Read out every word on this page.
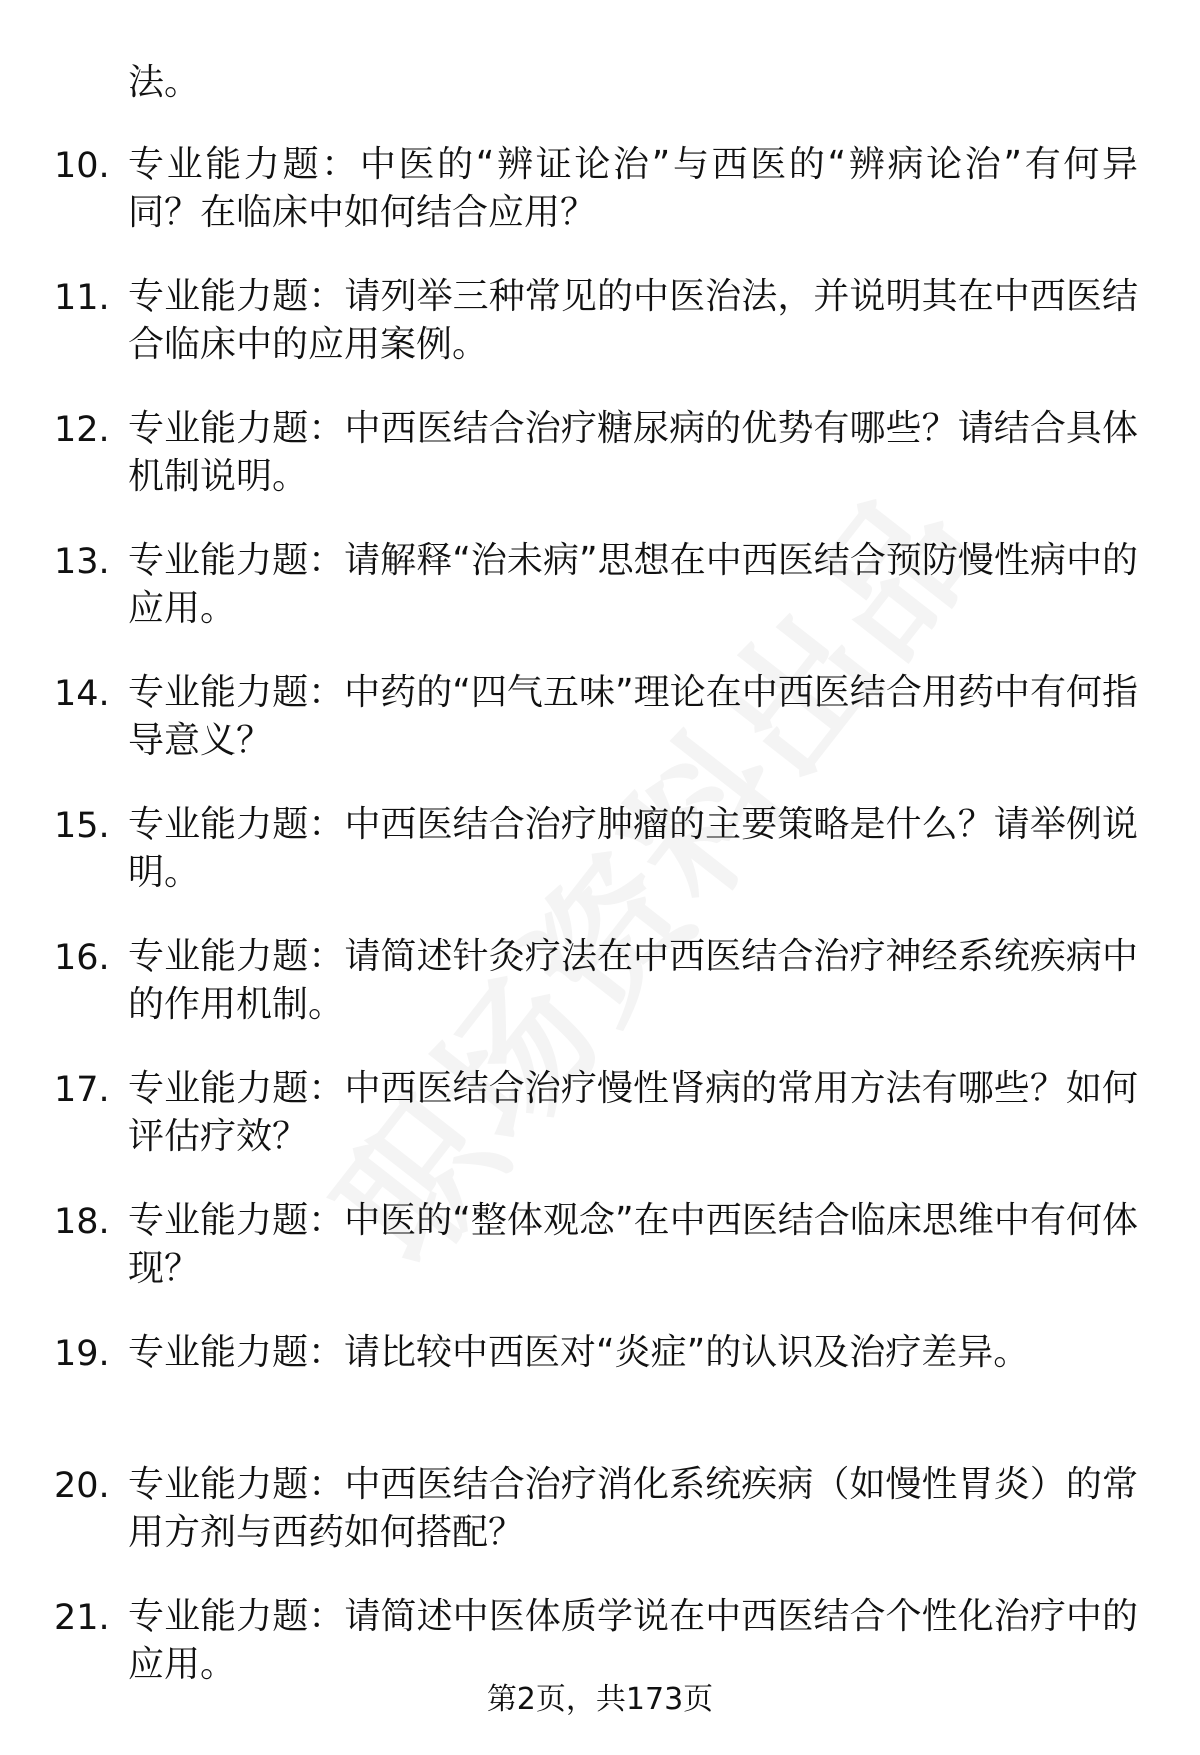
法。
10. 专业能力题：中医的“辨证论治”与西医的“辨病论治”有何异同？在临床中如何结合应用？
11. 专业能力题：请列举三种常见的中医治法，并说明其在中西医结合临床中的应用案例。
12. 专业能力题：中西医结合治疗糖尿病的优势有哪些？请结合具体机制说明。
13. 专业能力题：请解释“治未病”思想在中西医结合预防慢性病中的应用。
14. 专业能力题：中药的“四气五味”理论在中西医结合用药中有何指导意义？
15. 专业能力题：中西医结合治疗肿瘤的主要策略是什么？请举例说明。
16. 专业能力题：请简述针灸疗法在中西医结合治疗神经系统疾病中的作用机制。
17. 专业能力题：中西医结合治疗慢性肾病的常用方法有哪些？如何评估疗效？
18. 专业能力题：中医的“整体观念”在中西医结合临床思维中有何体现？
19. 专业能力题：请比较中西医对“炎症”的认识及治疗差异。
20. 专业能力题：中西医结合治疗消化系统疾病（如慢性胃炎）的常用方剂与西药如何搭配？
21. 专业能力题：请简述中医体质学说在中西医结合个性化治疗中的应用。
第2页，共173页
